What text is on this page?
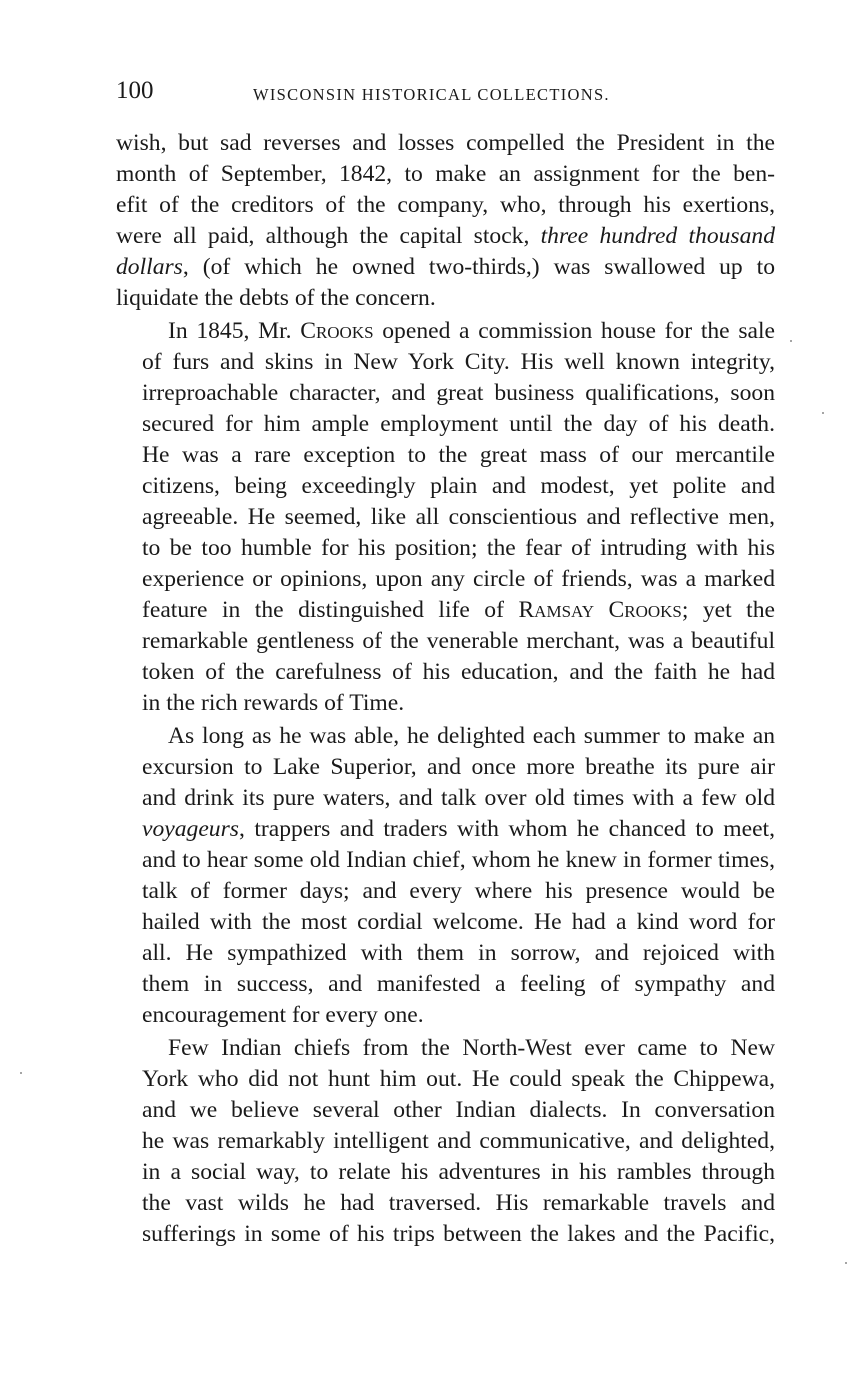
100	WISCONSIN HISTORICAL COLLECTIONS.
wish, but sad reverses and losses compelled the President in the
month of September, 1842, to make an assignment for the ben-
efit of the creditors of the company, who, through his exertions,
were all paid, although the capital stock, three hundred thousand
dollars, (of which he owned two-thirds,) was swallowed up to
liquidate the debts of the concern.
In 1845, Mr. Crooks opened a commission house for the sale
of furs and skins in New York City. His well known integrity,
irreproachable character, and great business qualifications, soon
secured for him ample employment until the day of his death.
He was a rare exception to the great mass of our mercantile
citizens, being exceedingly plain and modest, yet polite and
agreeable. He seemed, like all conscientious and reflective men,
to be too humble for his position; the fear of intruding with his
experience or opinions, upon any circle of friends, was a marked
feature in the distinguished life of Ramsay Crooks; yet the
remarkable gentleness of the venerable merchant, was a beautiful
token of the carefulness of his education, and the faith he had
in the rich rewards of Time.
As long as he was able, he delighted each summer to make an
excursion to Lake Superior, and once more breathe its pure air
and drink its pure waters, and talk over old times with a few old
voyageurs, trappers and traders with whom he chanced to meet,
and to hear some old Indian chief, whom he knew in former times,
talk of former days; and every where his presence would be
hailed with the most cordial welcome. He had a kind word for
all. He sympathized with them in sorrow, and rejoiced with
them in success, and manifested a feeling of sympathy and
encouragement for every one.
Few Indian chiefs from the North-West ever came to New
York who did not hunt him out. He could speak the Chippewa,
and we believe several other Indian dialects. In conversation
he was remarkably intelligent and communicative, and delighted,
in a social way, to relate his adventures in his rambles through
the vast wilds he had traversed. His remarkable travels and
sufferings in some of his trips between the lakes and the Pacific,
